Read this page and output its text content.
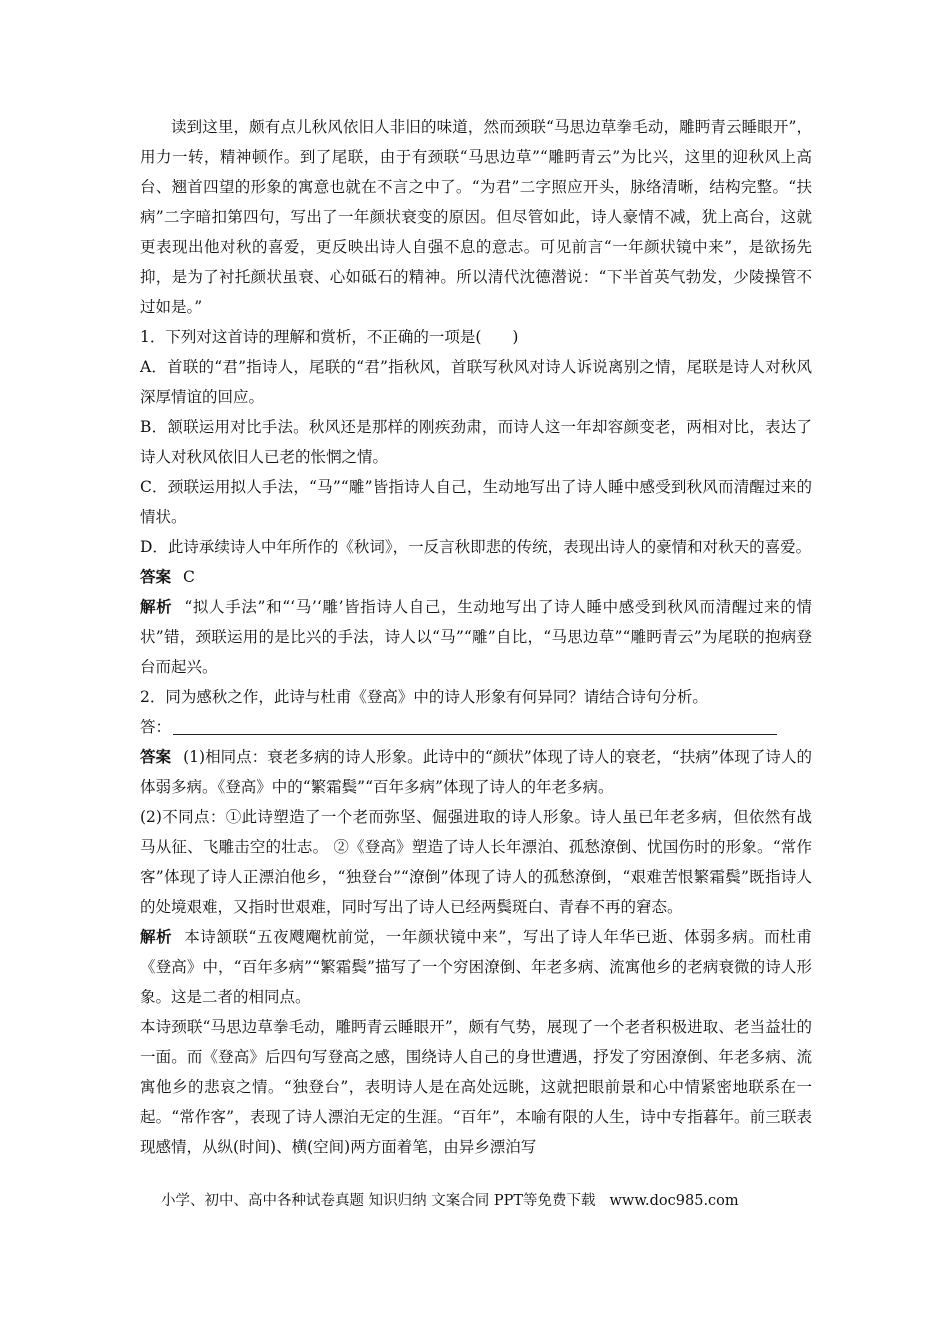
读到这里，颇有点儿秋风依旧人非旧的味道，然而颈联“马思边草拳毛动，雕眄青云睡眼开”，用力一转，精神顿作。到了尾联，由于有颈联“马思边草”“雕眄青云”为比兴，这里的迎秋风上高台、翘首四望的形象的寓意也就在不言之中了。“为君”二字照应开头，脉络清晰，结构完整。“扶病”二字暗扣第四句，写出了一年颜状衰变的原因。但尽管如此，诗人豪情不减，犹上高台，这就更表现出他对秋的喜爱，更反映出诗人自强不息的意志。可见前言“一年颜状镜中来”，是欲扬先抑，是为了衬托颜状虽衰、心如砥石的精神。所以清代沈德潜说：“下半首英气勃发，少陵操管不过如是。”

1．下列对这首诗的理解和赏析，不正确的一项是(　　)

A．首联的“君”指诗人，尾联的“君”指秋风，首联写秋风对诗人诉说离别之情，尾联是诗人对秋风深厚情谊的回应。

B．颔联运用对比手法。秋风还是那样的刚疾劲肃，而诗人这一年却容颜变老，两相对比，表达了诗人对秋风依旧人已老的怅惘之情。

C．颈联运用拟人手法，“马”“雕”皆指诗人自己，生动地写出了诗人睡中感受到秋风而清醒过来的情状。

D．此诗承续诗人中年所作的《秋词》，一反言秋即悲的传统，表现出诗人的豪情和对秋天的喜爱。

答案 C

解析 “拟人手法”和“‘马’‘雕’皆指诗人自己，生动地写出了诗人睡中感受到秋风而清醒过来的情状”错，颈联运用的是比兴的手法，诗人以“马”“雕”自比，“马思边草”“雕眄青云”为尾联的抱病登台而起兴。

2．同为感秋之作，此诗与杜甫《登高》中的诗人形象有何异同？请结合诗句分析。

答：

答案 (1)相同点：衰老多病的诗人形象。此诗中的“颜状”体现了诗人的衰老，“扶病”体现了诗人的体弱多病。《登高》中的“繁霜鬓”“百年多病”体现了诗人的年老多病。

(2)不同点：①此诗塑造了一个老而弥坚、倔强进取的诗人形象。诗人虽已年老多病，但依然有战马从征、飞雕击空的壮志。 ②《登高》塑造了诗人长年漂泊、孤愁潦倒、忧国伤时的形象。“常作客”体现了诗人正漂泊他乡，“独登台”“潦倒”体现了诗人的孤愁潦倒，“艰难苦恨繁霜鬓”既指诗人的处境艰难，又指时世艰难，同时写出了诗人已经两鬓斑白、青春不再的窘态。

解析 本诗颔联“五夜飕飗枕前觉，一年颜状镜中来”，写出了诗人年华已逝、体弱多病。而杜甫《登高》中，“百年多病”“繁霜鬓”描写了一个穷困潦倒、年老多病、流寓他乡的老病衰微的诗人形象。这是二者的相同点。

本诗颈联“马思边草拳毛动，雕眄青云睡眼开”，颇有气势，展现了一个老者积极进取、老当益壮的一面。而《登高》后四句写登高之感，围绕诗人自己的身世遭遇，抒发了穷困潦倒、年老多病、流寓他乡的悲哀之情。“独登台”，表明诗人是在高处远眺，这就把眼前景和心中情紧密地联系在一起。“常作客”，表现了诗人漂泊无定的生涯。“百年”，本喻有限的人生，诗中专指暮年。前三联表现感情，从纵(时间)、横(空间)两方面着笔，由异乡漂泊写

小学、初中、高中各种试卷真题 知识归纳 文案合同 PPT等免费下载 www.doc985.com
